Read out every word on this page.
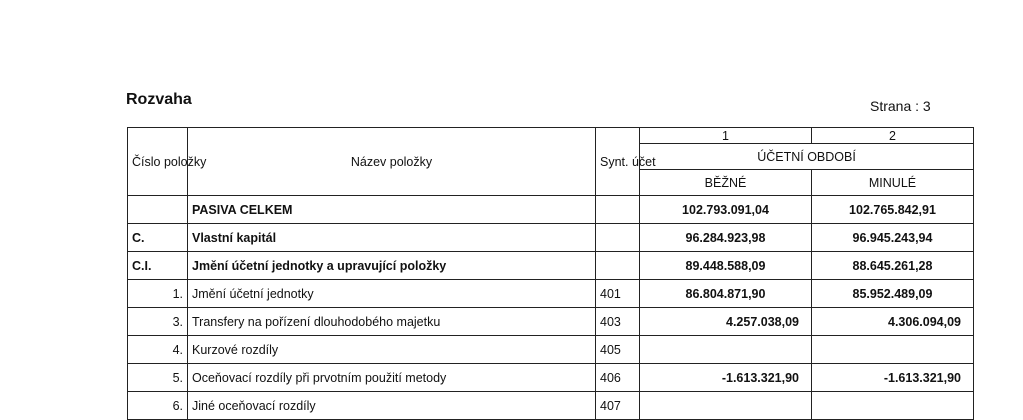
Rozvaha	Strana : 3
Číslo položky	Název položky	Synt. účet	1	2
			ÚČETNÍ OBDOBÍ	
			BĚŽNÉ	MINULÉ
	PASIVA CELKEM		102.793.091,04	102.765.842,91
C.	Vlastní kapitál		96.284.923,98	96.945.243,94
C.I.	Jmění účetní jednotky a upravující položky		89.448.588,09	88.645.261,28
1.	Jmění účetní jednotky	401	86.804.871,90	85.952.489,09
3.	Transfery na pořízení dlouhodobého majetku	403	4.257.038,09	4.306.094,09
4.	Kurzové rozdíly	405		
5.	Oceňovací rozdíly při prvotním použití metody	406	-1.613.321,90	-1.613.321,90
6.	Jiné oceňovací rozdíly	407		
